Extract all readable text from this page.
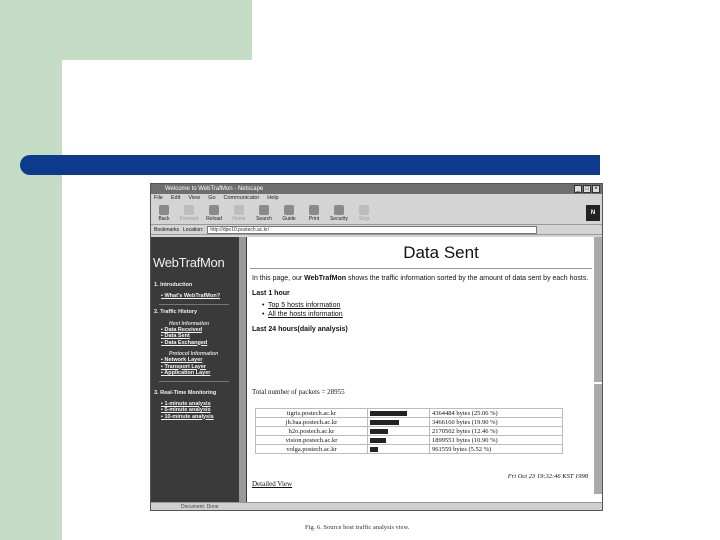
Welcome to WebTrafMon - Netscape	_ □ ×
File Edit View Go Communicator Help
Back Forward Reload Home Search Guide	Print Security Stop
N
Bookmarks Location:	http://dpe10.postech.ac.kr/
WebTrafMon
1. Introduction
▪ What's WebTrafMon?
2. Traffic History
Host Information
▪ Data Received
▪ Data Sent
▪ Data Exchanged
Protocol Information
▪ Network Layer
▪ Transport Layer
▪ Application Layer
3. Real-Time Monitoring
▪ 1-minute analysis
▪ 5-minute analysis
▪ 10-minute analysis
Data Sent
In this page, our WebTrafMon shows the traffic information sorted by the amount of data sent by each hosts.
Last 1 hour
• Top 5 hosts information
• All the hosts information
Last 24 hours(daily analysis)
Total number of packets = 28955
tigris.postech.ac.kr		4364484 bytes (25.06 %)
jh.baa.postech.ac.kr		3466160 bytes (19.90 %)
h2o.postech.ac.kr		2170502 bytes (12.46 %)
vision.postech.ac.kr		1899551 bytes (10.90 %)
volga.postech.ac.kr		961559 bytes (5.52 %)
Fri Oct 23 19:32:46 KST 1998
Detailed View
Document: Done
Fig. 6. Source host traffic analysis view.
